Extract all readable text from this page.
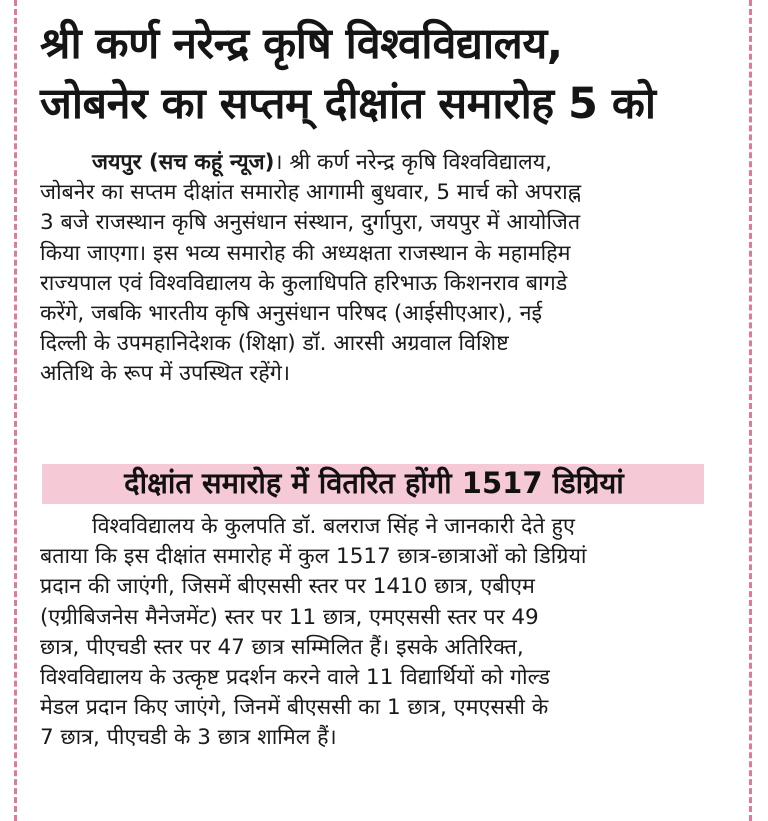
श्री कर्ण नरेन्द्र कृषि विश्वविद्यालय,
जोबनेर का सप्तम् दीक्षांत समारोह 5 को
जयपुर (सच कहूं न्यूज)। श्री कर्ण नरेन्द्र कृषि विश्वविद्यालय,
जोबनेर का सप्तम दीक्षांत समारोह आगामी बुधवार, 5 मार्च को अपराह्न
3 बजे राजस्थान कृषि अनुसंधान संस्थान, दुर्गापुरा, जयपुर में आयोजित
किया जाएगा। इस भव्य समारोह की अध्यक्षता राजस्थान के महामहिम
राज्यपाल एवं विश्वविद्यालय के कुलाधिपति हरिभाऊ किशनराव बागडे
करेंगे, जबकि भारतीय कृषि अनुसंधान परिषद (आईसीएआर), नई
दिल्ली के उपमहानिदेशक (शिक्षा) डॉ. आरसी अग्रवाल विशिष्ट
अतिथि के रूप में उपस्थित रहेंगे।
दीक्षांत समारोह में वितरित होंगी 1517 डिग्रियां
विश्वविद्यालय के कुलपति डॉ. बलराज सिंह ने जानकारी देते हुए
बताया कि इस दीक्षांत समारोह में कुल 1517 छात्र-छात्राओं को डिग्रियां
प्रदान की जाएंगी, जिसमें बीएससी स्तर पर 1410 छात्र, एबीएम
(एग्रीबिजनेस मैनेजमेंट) स्तर पर 11 छात्र, एमएससी स्तर पर 49
छात्र, पीएचडी स्तर पर 47 छात्र सम्मिलित हैं। इसके अतिरिक्त,
विश्वविद्यालय के उत्कृष्ट प्रदर्शन करने वाले 11 विद्यार्थियों को गोल्ड
मेडल प्रदान किए जाएंगे, जिनमें बीएससी का 1 छात्र, एमएससी के
7 छात्र, पीएचडी के 3 छात्र शामिल हैं।
